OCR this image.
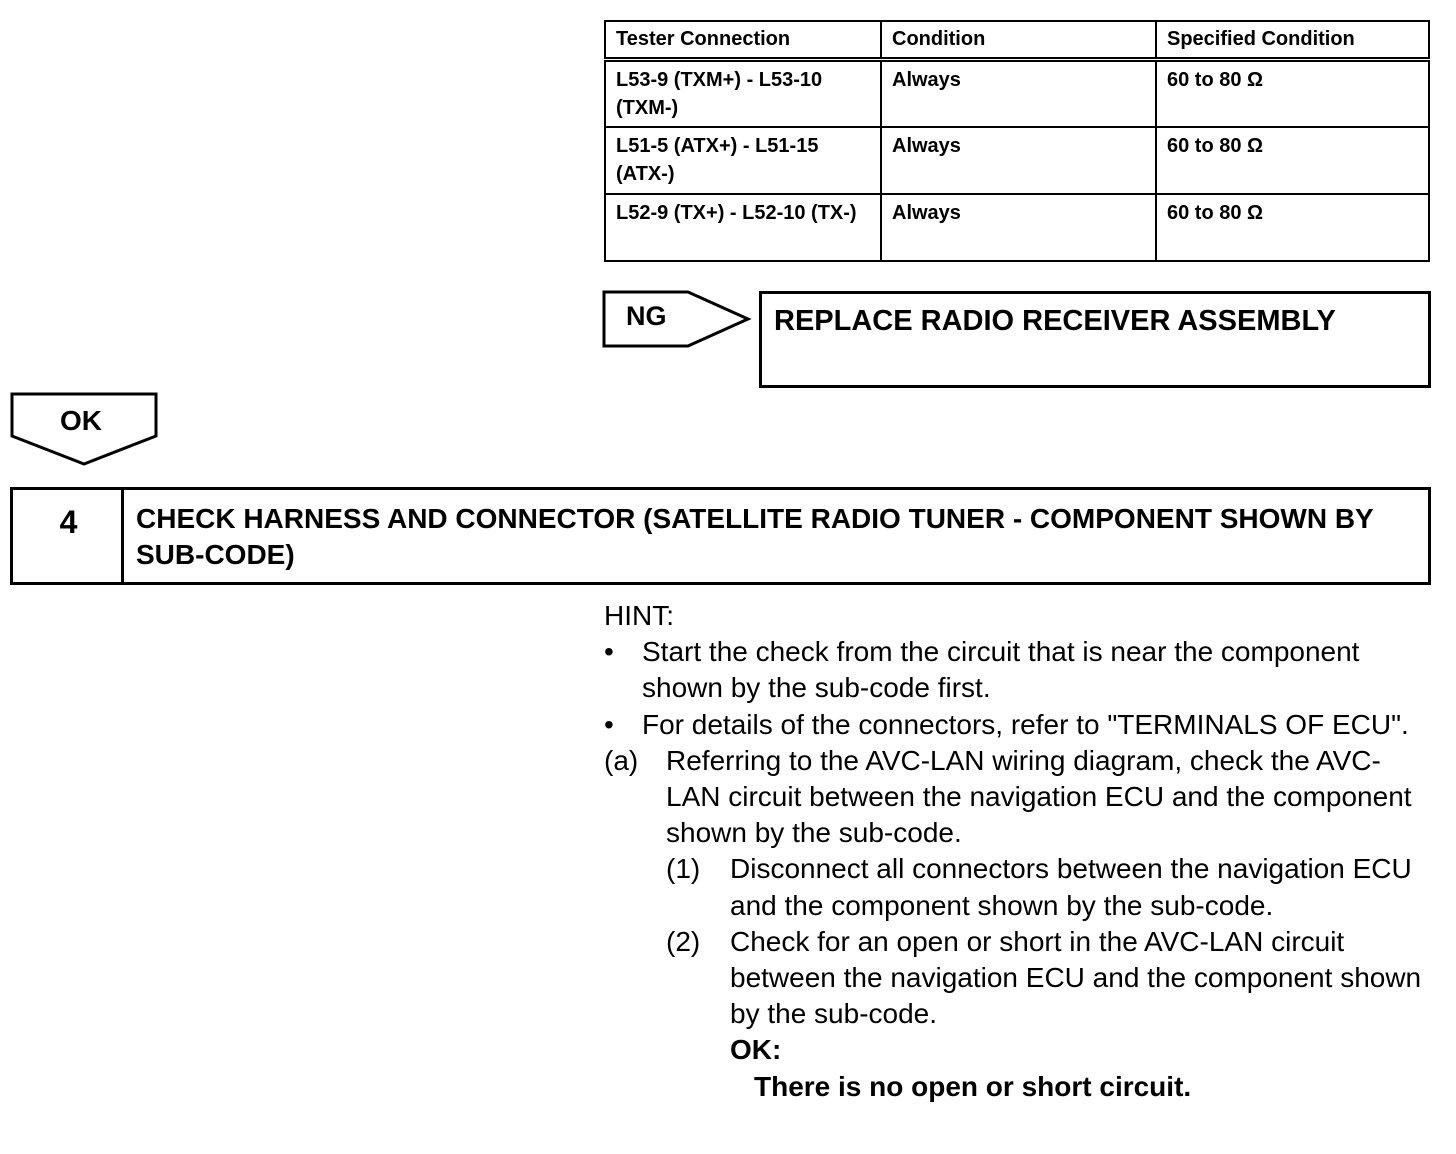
Tester Connection	Condition	Specified Condition
L53-9 (TXM+) - L53-10 (TXM-)	Always	60 to 80 Ω
L51-5 (ATX+) - L51-15 (ATX-)	Always	60 to 80 Ω
L52-9 (TX+) - L52-10 (TX-)	Always	60 to 80 Ω
NG	REPLACE RADIO RECEIVER ASSEMBLY
OK
4	CHECK HARNESS AND CONNECTOR (SATELLITE RADIO TUNER - COMPONENT SHOWN BY SUB-CODE)
HINT:
•	Start the check from the circuit that is near the component shown by the sub-code first.
•	For details of the connectors, refer to "TERMINALS OF ECU".
(a) Referring to the AVC-LAN wiring diagram, check the AVC-LAN circuit between the navigation ECU and the component shown by the sub-code.
(1)	Disconnect all connectors between the navigation ECU and the component shown by the sub-code.
(2)	Check for an open or short in the AVC-LAN circuit between the navigation ECU and the component shown by the sub-code.
OK:
There is no open or short circuit.
